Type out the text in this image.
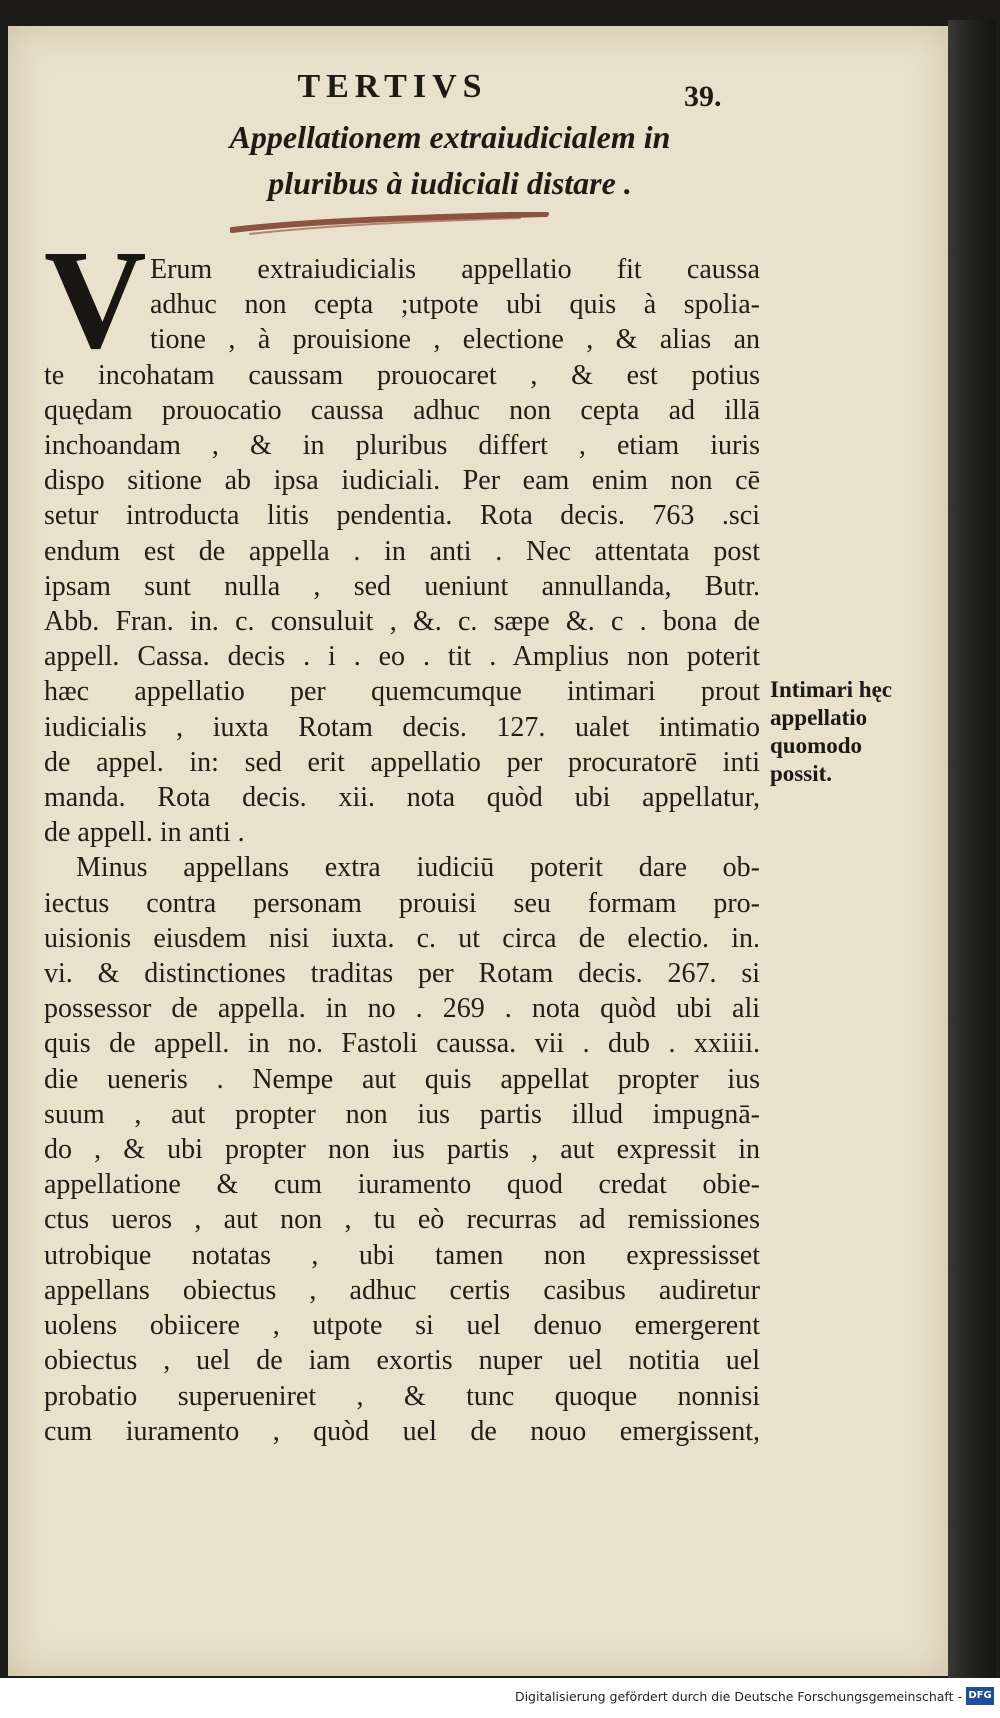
TERTIVS	39.
Appellationem extraiudicialem in
pluribus à iudiciali distare .
V Erum extraiudicialis appellatio fit caussa
adhuc non cepta ;utpote ubi quis à spolia-
tione , à prouisione , electione , & alias an
te incohatam caussam prouocaret , & est potius
quędam prouocatio caussa adhuc non cepta ad illā
inchoandam , & in pluribus differt , etiam iuris
dispo sitione ab ipsa iudiciali. Per eam enim non cē
setur introducta litis pendentia. Rota decis. 763 .sci
endum est de appella . in anti . Nec attentata post
ipsam sunt nulla , sed ueniunt annullanda, Butr.
Abb. Fran. in. c. consuluit , &. c. sæpe &. c . bona de
appell. Cassa. decis . i . eo . tit . Amplius non poterit
hæc appellatio per quemcumque intimari prout
iudicialis , iuxta Rotam decis. 127. ualet intimatio
de appel. in: sed erit appellatio per procuratorē inti
manda. Rota decis. xii. nota quòd ubi appellatur,
de appell. in anti .
Minus appellans extra iudiciū poterit dare ob-
iectus contra personam prouisi seu formam pro-
uisionis eiusdem nisi iuxta. c. ut circa de electio. in.
vi. & distinctiones traditas per Rotam decis. 267. si
possessor de appella. in no . 269 . nota quòd ubi ali
quis de appell. in no. Fastoli caussa. vii . dub . xxiiii.
die ueneris . Nempe aut quis appellat propter ius
suum , aut propter non ius partis illud impugnā-
do , & ubi propter non ius partis , aut expressit in
appellatione & cum iuramento quod credat obie-
ctus ueros , aut non , tu eò recurras ad remissiones
utrobique notatas , ubi tamen non expressisset
appellans obiectus , adhuc certis casibus audiretur
uolens obiicere , utpote si uel denuo emergerent
obiectus , uel de iam exortis nuper uel notitia uel
probatio superueniret , & tunc quoque nonnisi
cum iuramento , quòd uel de nouo emergissent,
Intimari hęc
appellatio
quomodo
possit.
Digitalisierung gefördert durch die Deutsche Forschungsgemeinschaft - DFG
